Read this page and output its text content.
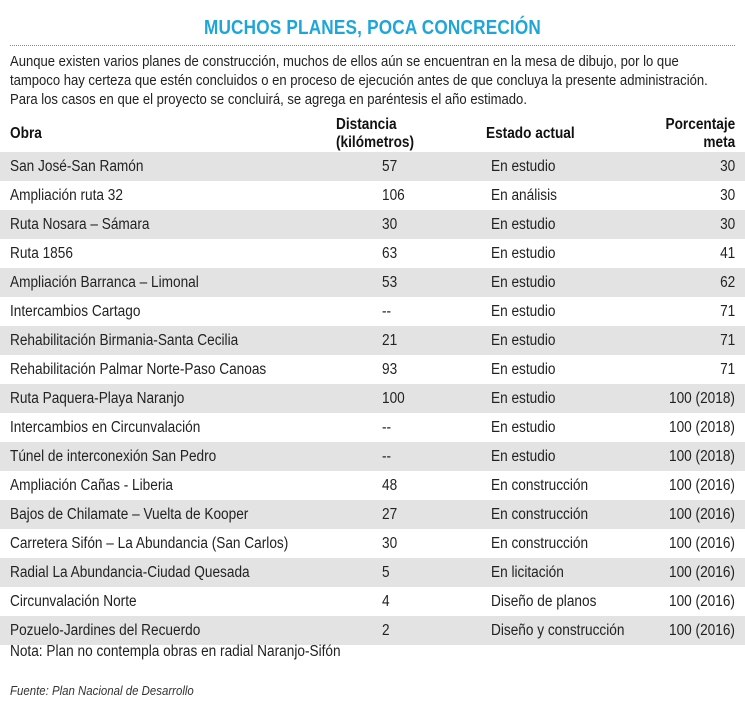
MUCHOS PLANES, POCA CONCRECIÓN
Aunque existen varios planes de construcción, muchos de ellos aún se encuentran en la mesa de dibujo, por lo que
tampoco hay certeza que estén concluidos o en proceso de ejecución antes de que concluya la presente administración.
Para los casos en que el proyecto se concluirá, se agrega en paréntesis el año estimado.
Obra	Distancia (kilómetros)	Estado actual	Porcentaje meta
San José-San Ramón	57	En estudio	30
Ampliación ruta 32	106	En análisis	30
Ruta Nosara – Sámara	30	En estudio	30
Ruta 1856	63	En estudio	41
Ampliación Barranca – Limonal	53	En estudio	62
Intercambios Cartago	--	En estudio	71
Rehabilitación Birmania-Santa Cecilia	21	En estudio	71
Rehabilitación Palmar Norte-Paso Canoas	93	En estudio	71
Ruta Paquera-Playa Naranjo	100	En estudio	100 (2018)
Intercambios en Circunvalación	--	En estudio	100 (2018)
Túnel de interconexión San Pedro	--	En estudio	100 (2018)
Ampliación Cañas - Liberia	48	En construcción	100 (2016)
Bajos de Chilamate – Vuelta de Kooper	27	En construcción	100 (2016)
Carretera Sifón – La Abundancia (San Carlos)	30	En construcción	100 (2016)
Radial La Abundancia-Ciudad Quesada	5	En licitación	100 (2016)
Circunvalación Norte	4	Diseño de planos	100 (2016)
Pozuelo-Jardines del Recuerdo	2	Diseño y construcción	100 (2016)
Nota: Plan no contempla obras en radial Naranjo-Sifón
Fuente: Plan Nacional de Desarrollo
